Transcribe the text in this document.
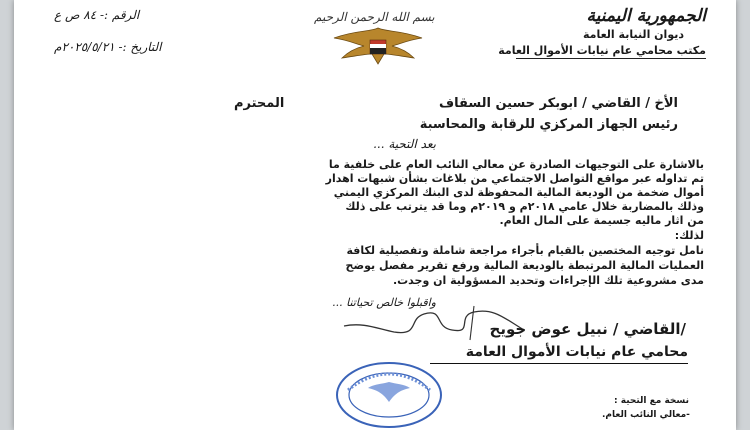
الجمهورية اليمنية
ديوان النيابة العامة
مكتب محامي عام نيابات الأموال العامة
بسم الله الرحمن الرحيم
الرقم :- ٨٤ ص ع
التاريخ :- ٢٠٢٥/٥/٢١م
الأخ / القاضي / ابوبكر حسين السقاف
رئيس الجهاز المركزي للرقابة والمحاسبة
المحترم
بعد التحية ...
بالاشارة على التوجيهات الصادرة عن معالي النائب العام على خلفية ما
تم تداوله عبر مواقع التواصل الاجتماعي من بلاغات بشأن شبهات اهدار
أموال ضخمة من الوديعة المالية المحفوظة لدى البنك المركزي اليمني
وذلك بالمضاربة خلال عامي ٢٠١٨م و ٢٠١٩م وما قد يترتب على ذلك
من اثار ماليه جسيمة على المال العام.
لذلك:
نامل توجيه المختصين بالقيام بأجراء مراجعة شاملة وتفصيلية لكافة
العمليات المالية المرتبطة بالوديعة المالية ورفع تقرير مفصل يوضح
مدى مشروعية تلك الإجراءات وتحديد المسؤولية ان وجدت.
واقبلوا خالص تحياتنا ...
/القاضي / نبيل عوض جويح
محامي عام نيابات الأموال العامة
نسخة مع التحية :
-معالي النائب العام.
